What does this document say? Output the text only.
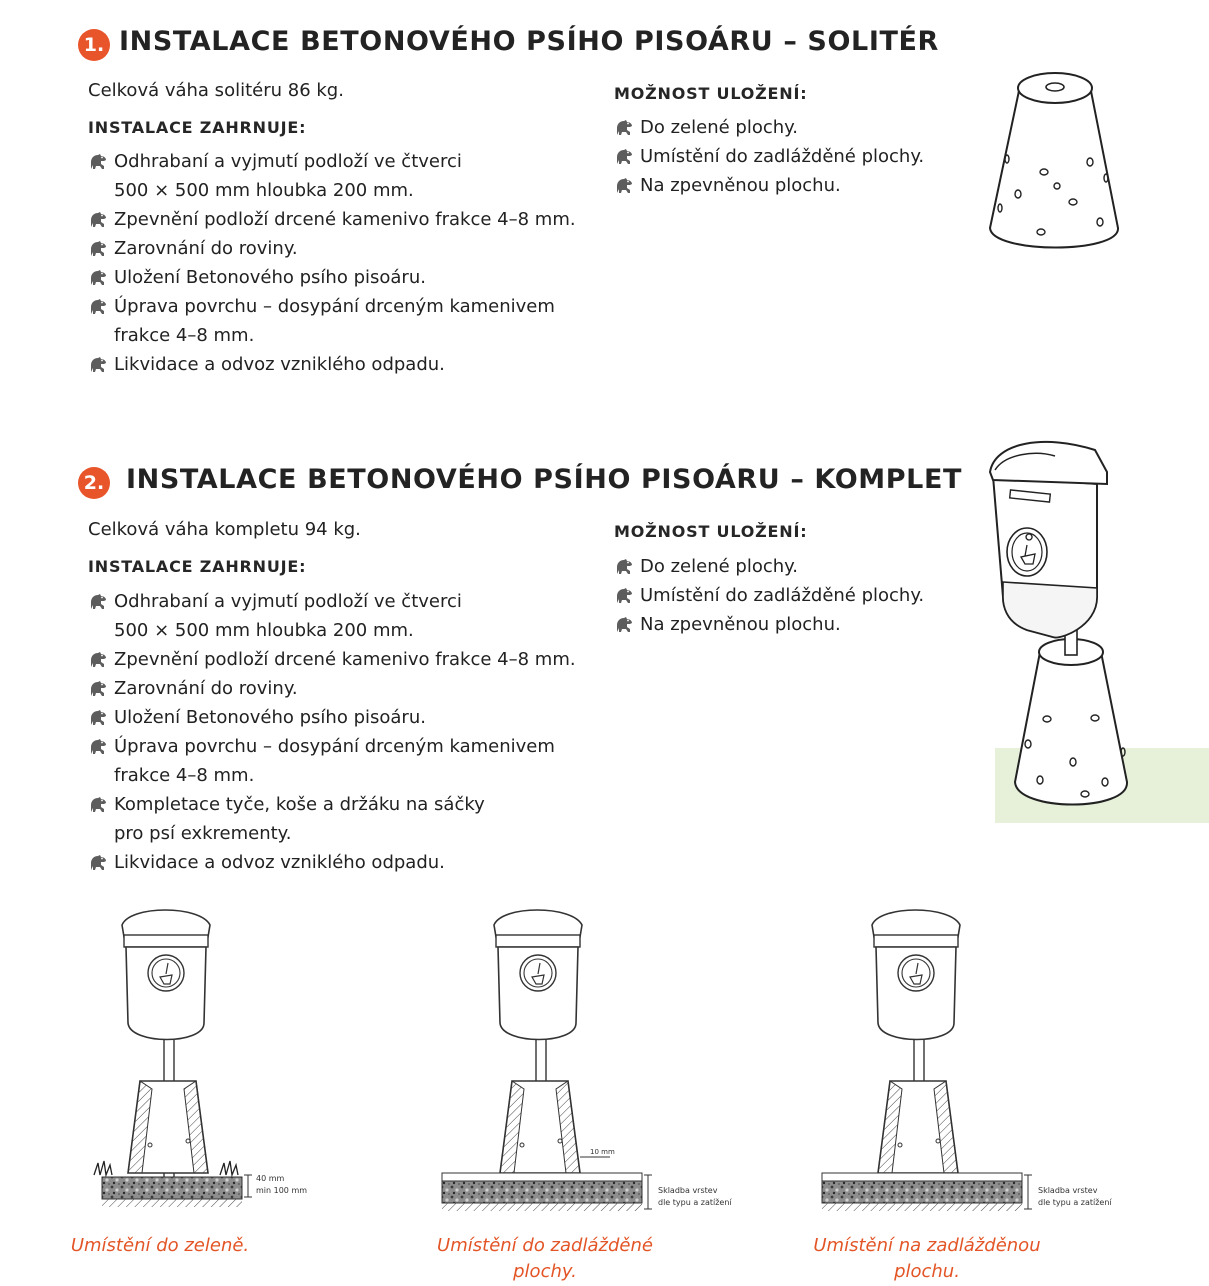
1. INSTALACE BETONOVÉHO PSÍHO PISOÁRU – SOLITÉR
Celková váha solitéru 86 kg.
INSTALACE ZAHRNUJE:
Odhrabaní a vyjmutí podloží ve čtverci
500 × 500 mm hloubka 200 mm.
Zpevnění podloží drcené kamenivo frakce 4–8 mm.
Zarovnání do roviny.
Uložení Betonového psího pisoáru.
Úprava povrchu – dosypání drceným kamenivem
frakce 4–8 mm.
Likvidace a odvoz vzniklého odpadu.
MOŽNOST ULOŽENÍ:
Do zelené plochy.
Umístění do zadlážděné plochy.
Na zpevněnou plochu.
2. INSTALACE BETONOVÉHO PSÍHO PISOÁRU – KOMPLET
Celková váha kompletu 94 kg.
INSTALACE ZAHRNUJE:
Odhrabaní a vyjmutí podloží ve čtverci
500 × 500 mm hloubka 200 mm.
Zpevnění podloží drcené kamenivo frakce 4–8 mm.
Zarovnání do roviny.
Uložení Betonového psího pisoáru.
Úprava povrchu – dosypání drceným kamenivem
frakce 4–8 mm.
Kompletace tyče, koše a držáku na sáčky
pro psí exkrementy.
Likvidace a odvoz vzniklého odpadu.
MOŽNOST ULOŽENÍ:
Do zelené plochy.
Umístění do zadlážděné plochy.
Na zpevněnou plochu.
40 mm
min 100 mm
10 mm
Skladba vrstev
dle typu a zatížení
Skladba vrstev
dle typu a zatížení
Umístění do zeleně.	Umístění do zadlážděné
plochy.
Umístění na zadlážděnou
plochu.
